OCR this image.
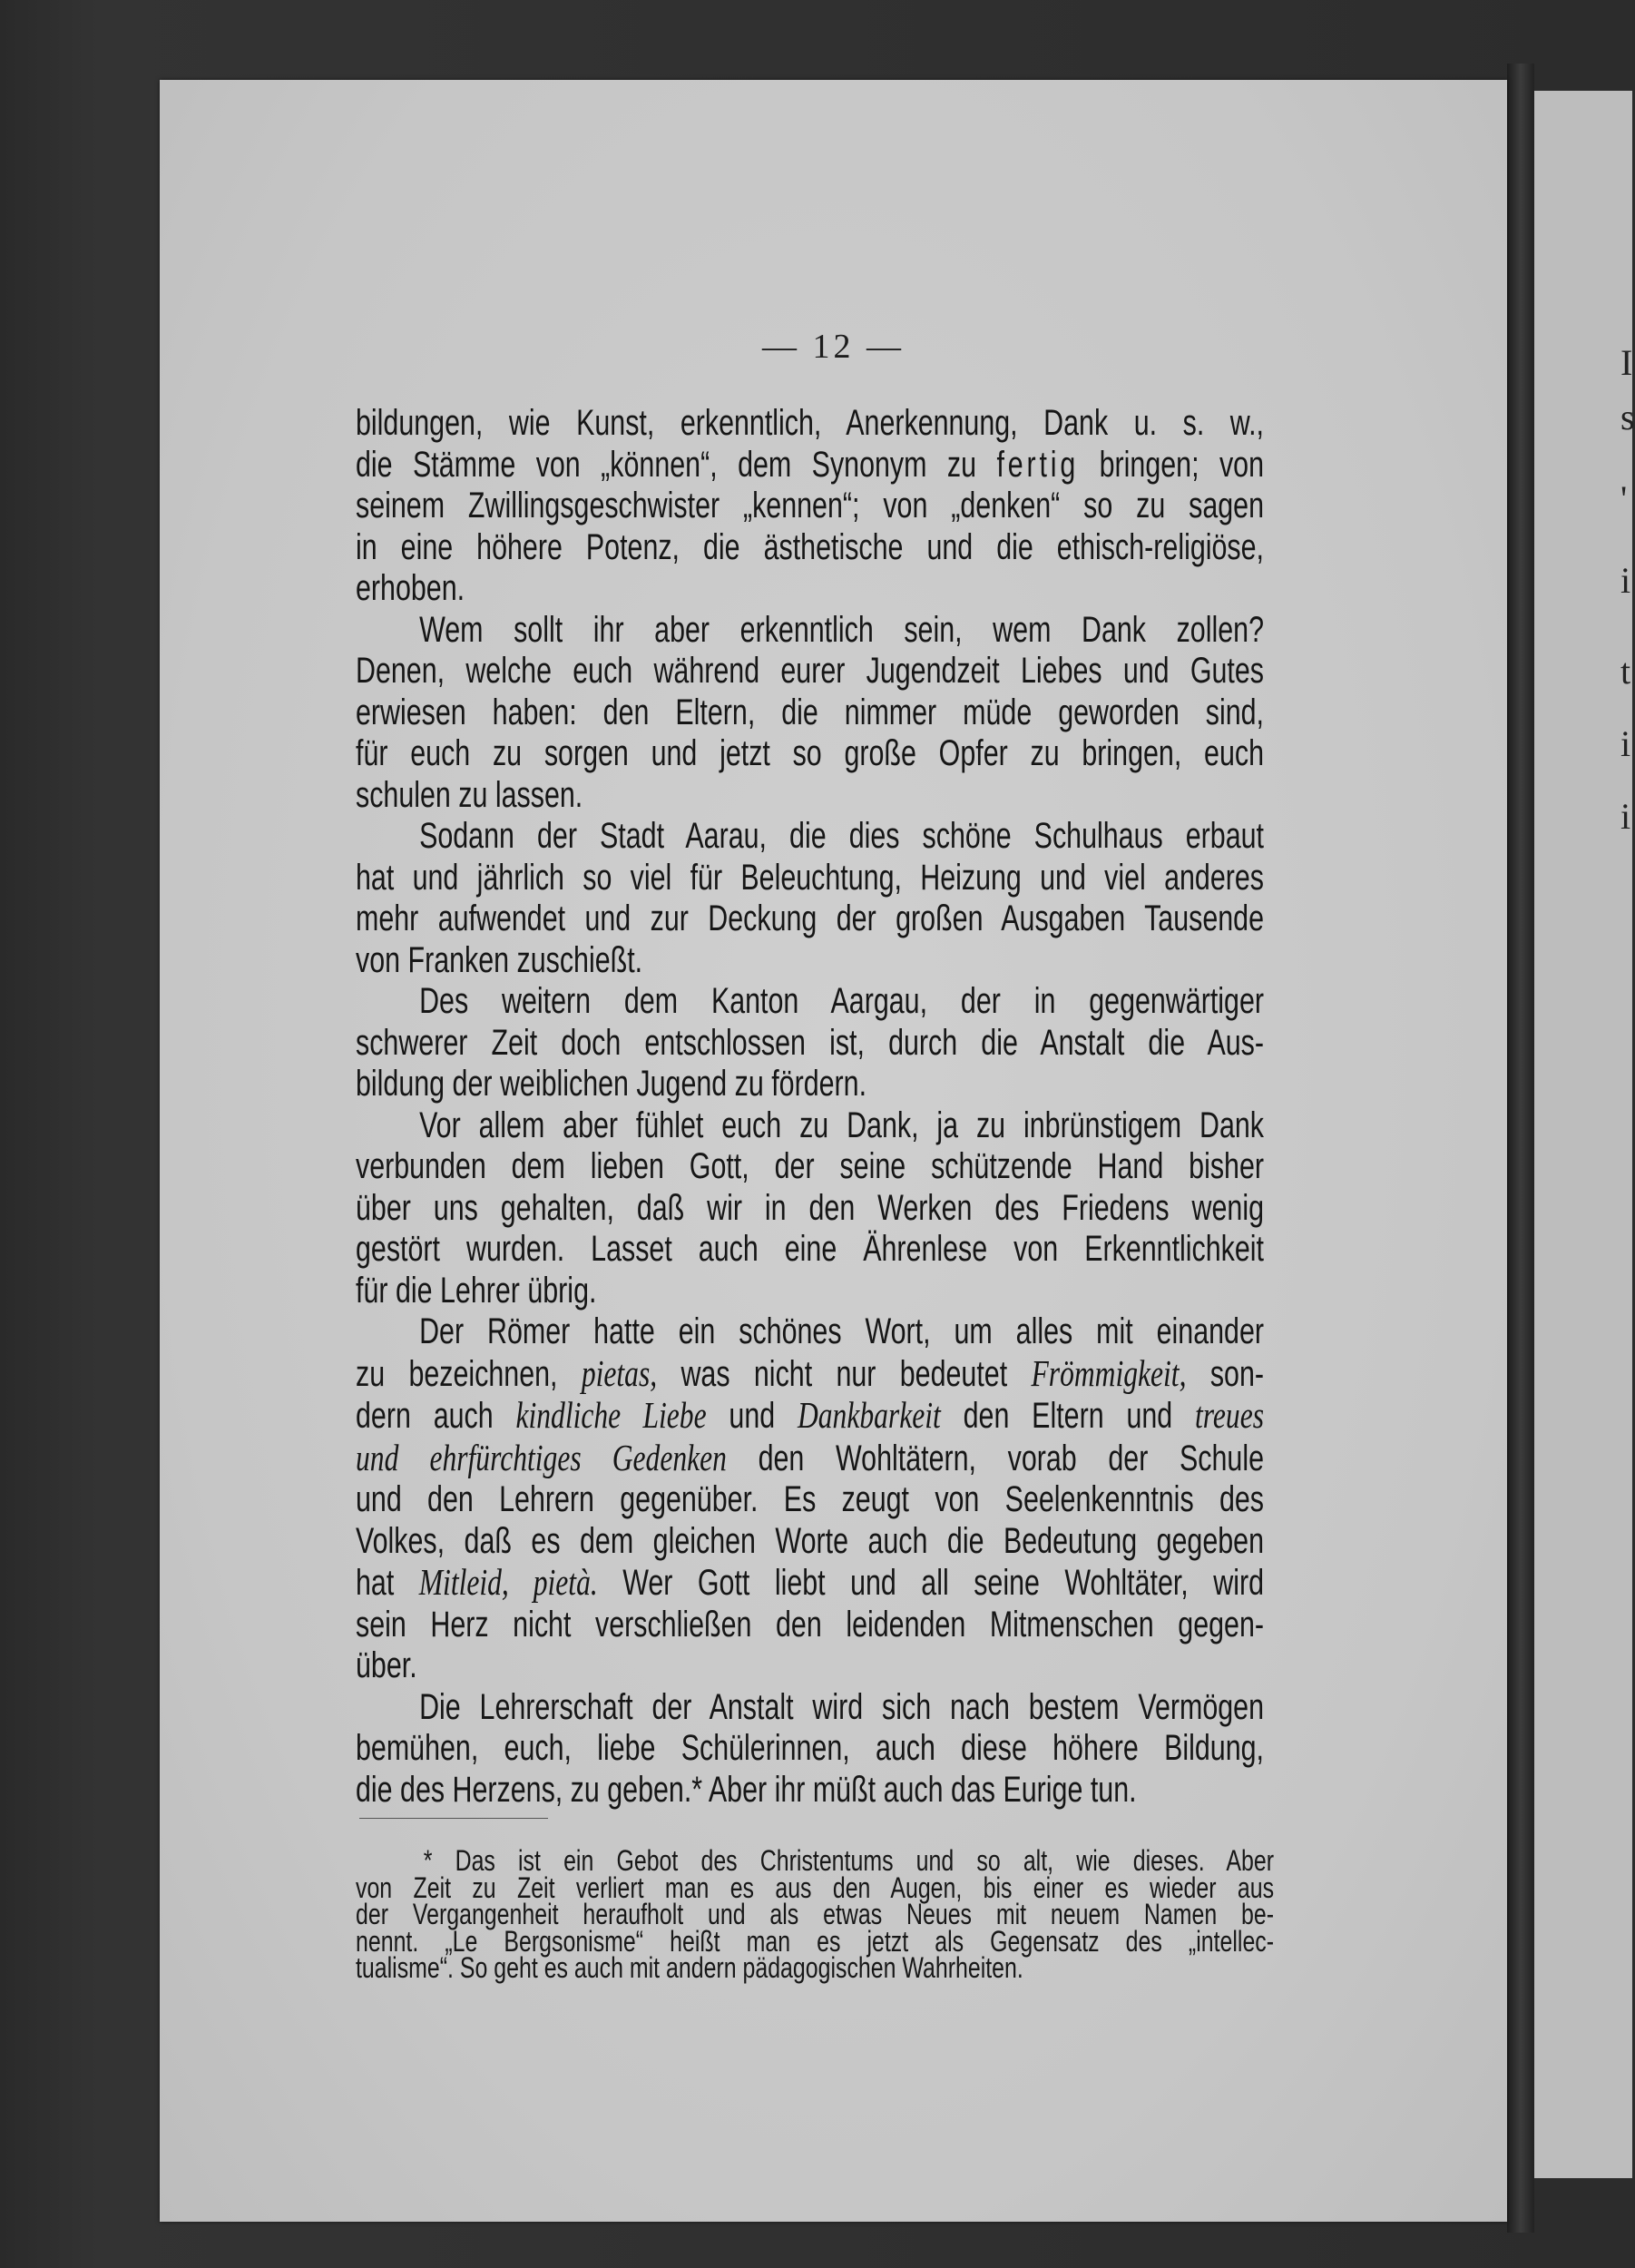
I
s
'
i
t
i
i
— 12 —
bildungen, wie Kunst, erkenntlich, Anerkennung, Dank u. s. w.,
die Stämme von „können“, dem Synonym zu fertig bringen; von
seinem Zwillingsgeschwister „kennen“; von „denken“ so zu sagen
in eine höhere Potenz, die ästhetische und die ethisch-religiöse,
erhoben.
Wem sollt ihr aber erkenntlich sein, wem Dank zollen?
Denen, welche euch während eurer Jugendzeit Liebes und Gutes
erwiesen haben: den Eltern, die nimmer müde geworden sind,
für euch zu sorgen und jetzt so große Opfer zu bringen, euch
schulen zu lassen.
Sodann der Stadt Aarau, die dies schöne Schulhaus erbaut
hat und jährlich so viel für Beleuchtung, Heizung und viel anderes
mehr aufwendet und zur Deckung der großen Ausgaben Tausende
von Franken zuschießt.
Des weitern dem Kanton Aargau, der in gegenwärtiger
schwerer Zeit doch entschlossen ist, durch die Anstalt die Aus-
bildung der weiblichen Jugend zu fördern.
Vor allem aber fühlet euch zu Dank, ja zu inbrünstigem Dank
verbunden dem lieben Gott, der seine schützende Hand bisher
über uns gehalten, daß wir in den Werken des Friedens wenig
gestört wurden. Lasset auch eine Ährenlese von Erkenntlichkeit
für die Lehrer übrig.
Der Römer hatte ein schönes Wort, um alles mit einander
zu bezeichnen, pietas, was nicht nur bedeutet Frömmigkeit, son-
dern auch kindliche Liebe und Dankbarkeit den Eltern und treues
und ehrfürchtiges Gedenken den Wohltätern, vorab der Schule
und den Lehrern gegenüber. Es zeugt von Seelenkenntnis des
Volkes, daß es dem gleichen Worte auch die Bedeutung gegeben
hat Mitleid, pietà. Wer Gott liebt und all seine Wohltäter, wird
sein Herz nicht verschließen den leidenden Mitmenschen gegen-
über.
Die Lehrerschaft der Anstalt wird sich nach bestem Vermögen
bemühen, euch, liebe Schülerinnen, auch diese höhere Bildung,
die des Herzens, zu geben.* Aber ihr müßt auch das Eurige tun.
* Das ist ein Gebot des Christentums und so alt, wie dieses. Aber
von Zeit zu Zeit verliert man es aus den Augen, bis einer es wieder aus
der Vergangenheit heraufholt und als etwas Neues mit neuem Namen be-
nennt. „Le Bergsonisme“ heißt man es jetzt als Gegensatz des „intellec-
tualisme“. So geht es auch mit andern pädagogischen Wahrheiten.
